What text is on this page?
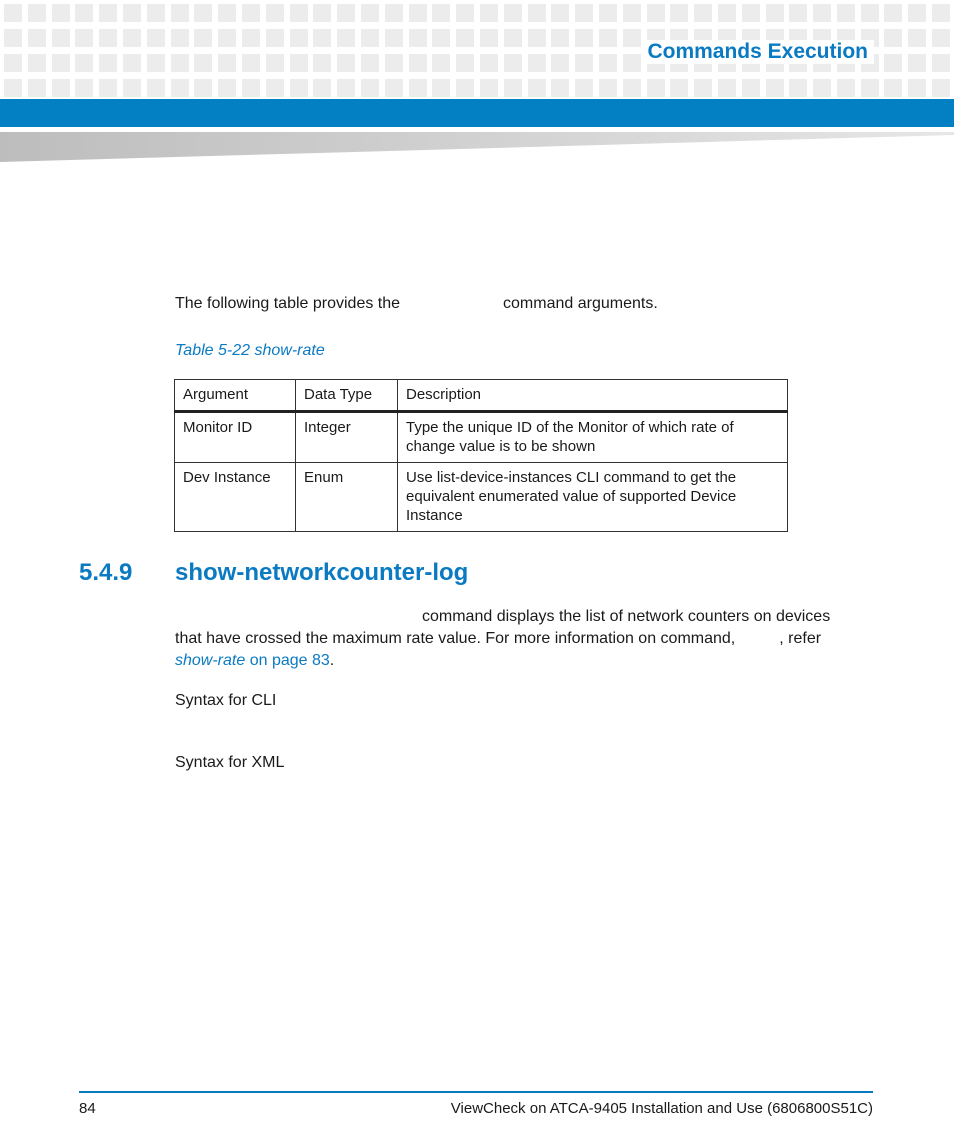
Commands Execution
The following table provides the	command arguments.
Table 5-22 show-rate
Argument	Data Type	Description
Monitor ID	Integer	Type the unique ID of the Monitor of which rate of change value is to be shown
Dev Instance	Enum	Use list-device-instances CLI command to get the equivalent enumerated value of supported Device Instance
5.4.9 show-networkcounter-log
command displays the list of network counters on devices
that have crossed the maximum rate value. For more information on command,	, refer
show-rate on page 83.
Syntax for CLI
Syntax for XML
84	ViewCheck on ATCA-9405 Installation and Use (6806800S51C)
